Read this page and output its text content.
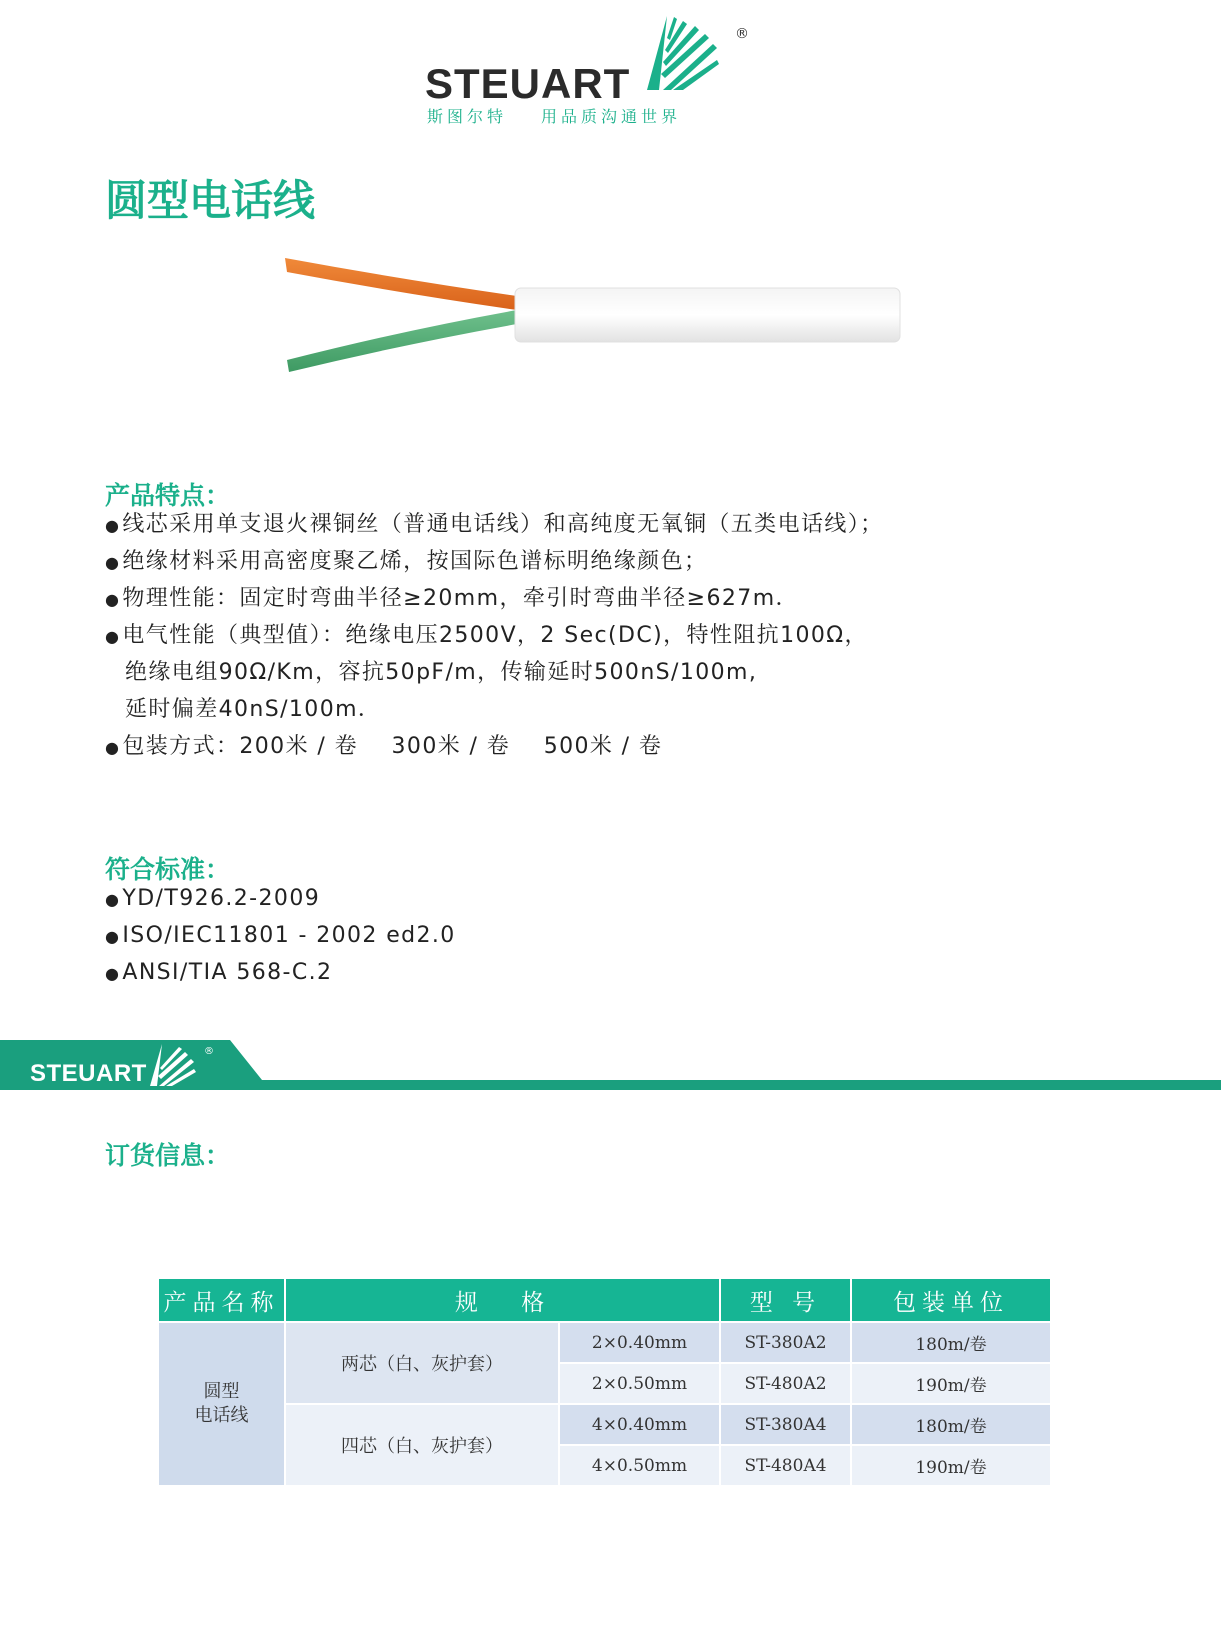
STEUART
®
斯图尔特 用品质沟通世界
圆型电话线
产品特点：
● 线芯采用单支退火裸铜丝（普通电话线）和高纯度无氧铜（五类电话线）；
● 绝缘材料采用高密度聚乙烯，按国际色谱标明绝缘颜色；
● 物理性能：固定时弯曲半径≥20mm，牵引时弯曲半径≥627m．
● 电气性能（典型值）：绝缘电压2500V，2 Sec(DC)，特性阻抗100Ω，
绝缘电组90Ω/Km，容抗50pF/m，传输延时500nS/100m,
延时偏差40nS/100m．
● 包装方式：200米 / 卷    300米 / 卷    500米 / 卷
符合标准：
● YD/T926.2-2009
● ISO/IEC11801 - 2002 ed2.0
● ANSI/TIA 568-C.2
STEUART
®
订货信息：
产品名称	规 格		型 号	包装单位

圆型
电话线	两芯（白、灰护套）	2×0.40mm	ST-380A2	180m/卷
		2×0.50mm	ST-480A2	190m/卷
	四芯（白、灰护套）	4×0.40mm	ST-380A4	180m/卷
		4×0.50mm	ST-480A4	190m/卷
